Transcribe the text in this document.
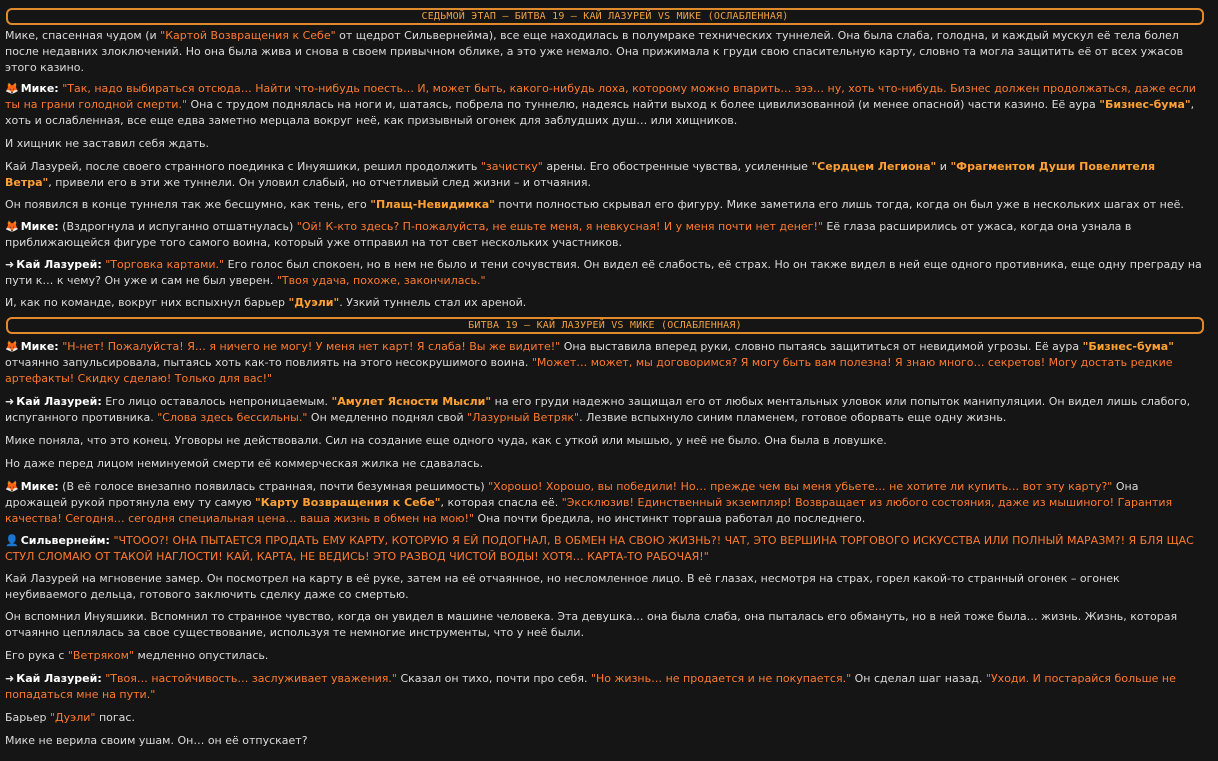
СЕДЬМОЙ ЭТАП – БИТВА 19 – КАЙ ЛАЗУРЕЙ VS МИКЕ (ОСЛАБЛЕННАЯ)

Мике, спасенная чудом (и "Картой Возвращения к Себе" от щедрот Сильвернейма), все еще находилась в полумраке технических туннелей. Она была слаба, голодна, и каждый мускул её тела болел после недавних злоключений. Но она была жива и снова в своем привычном облике, а это уже немало. Она прижимала к груди свою спасительную карту, словно та могла защитить её от всех ужасов этого казино.

🦊 Мике: "Так, надо выбираться отсюда… Найти что-нибудь поесть… И, может быть, какого-нибудь лоха, которому можно впарить… эээ… ну, хоть что-нибудь. Бизнес должен продолжаться, даже если ты на грани голодной смерти." Она с трудом поднялась на ноги и, шатаясь, побрела по туннелю, надеясь найти выход к более цивилизованной (и менее опасной) части казино. Её аура "Бизнес-бума", хоть и ослабленная, все еще едва заметно мерцала вокруг неё, как призывный огонек для заблудших душ… или хищников.

И хищник не заставил себя ждать.

Кай Лазурей, после своего странного поединка с Инуяшики, решил продолжить "зачистку" арены. Его обостренные чувства, усиленные "Сердцем Легиона" и "Фрагментом Души Повелителя Ветра", привели его в эти же туннели. Он уловил слабый, но отчетливый след жизни – и отчаяния.

Он появился в конце туннеля так же бесшумно, как тень, его "Плащ-Невидимка" почти полностью скрывал его фигуру. Мике заметила его лишь тогда, когда он был уже в нескольких шагах от неё.

🦊 Мике: (Вздрогнула и испуганно отшатнулась) "Ой! К-кто здесь? П-пожалуйста, не ешьте меня, я невкусная! И у меня почти нет денег!" Её глаза расширились от ужаса, когда она узнала в приближающейся фигуре того самого воина, который уже отправил на тот свет нескольких участников.

➜ Кай Лазурей: "Торговка картами." Его голос был спокоен, но в нем не было и тени сочувствия. Он видел её слабость, её страх. Но он также видел в ней еще одного противника, еще одну преграду на пути к… к чему? Он уже и сам не был уверен. "Твоя удача, похоже, закончилась."

И, как по команде, вокруг них вспыхнул барьер "Дуэли". Узкий туннель стал их ареной.

БИТВА 19 – КАЙ ЛАЗУРЕЙ VS МИКЕ (ОСЛАБЛЕННАЯ)

🦊 Мике: "Н-нет! Пожалуйста! Я… я ничего не могу! У меня нет карт! Я слаба! Вы же видите!" Она выставила вперед руки, словно пытаясь защититься от невидимой угрозы. Её аура "Бизнес-бума" отчаянно запульсировала, пытаясь хоть как-то повлиять на этого несокрушимого воина. "Может… может, мы договоримся? Я могу быть вам полезна! Я знаю много… секретов! Могу достать редкие артефакты! Скидку сделаю! Только для вас!"

➜ Кай Лазурей: Его лицо оставалось непроницаемым. "Амулет Ясности Мысли" на его груди надежно защищал его от любых ментальных уловок или попыток манипуляции. Он видел лишь слабого, испуганного противника. "Слова здесь бессильны." Он медленно поднял свой "Лазурный Ветряк". Лезвие вспыхнуло синим пламенем, готовое оборвать еще одну жизнь.

Мике поняла, что это конец. Уговоры не действовали. Сил на создание еще одного чуда, как с уткой или мышью, у неё не было. Она была в ловушке.

Но даже перед лицом неминуемой смерти её коммерческая жилка не сдавалась.

🦊 Мике: (В её голосе внезапно появилась странная, почти безумная решимость) "Хорошо! Хорошо, вы победили! Но… прежде чем вы меня убьете… не хотите ли купить… вот эту карту?" Она дрожащей рукой протянула ему ту самую "Карту Возвращения к Себе", которая спасла её. "Эксклюзив! Единственный экземпляр! Возвращает из любого состояния, даже из мышиного! Гарантия качества! Сегодня… сегодня специальная цена… ваша жизнь в обмен на мою!" Она почти бредила, но инстинкт торгаша работал до последнего.

👤 Сильвернейм: "ЧТООО?! ОНА ПЫТАЕТСЯ ПРОДАТЬ ЕМУ КАРТУ, КОТОРУЮ Я ЕЙ ПОДОГНАЛ, В ОБМЕН НА СВОЮ ЖИЗНЬ?! ЧАТ, ЭТО ВЕРШИНА ТОРГОВОГО ИСКУССТВА ИЛИ ПОЛНЫЙ МАРАЗМ?! Я БЛЯ ЩАС СТУЛ СЛОМАЮ ОТ ТАКОЙ НАГЛОСТИ! КАЙ, КАРТА, НЕ ВЕДИСЬ! ЭТО РАЗВОД ЧИСТОЙ ВОДЫ! ХОТЯ… КАРТА-ТО РАБОЧАЯ!"

Кай Лазурей на мгновение замер. Он посмотрел на карту в её руке, затем на её отчаянное, но несломленное лицо. В её глазах, несмотря на страх, горел какой-то странный огонек – огонек неубиваемого дельца, готового заключить сделку даже со смертью.

Он вспомнил Инуяшики. Вспомнил то странное чувство, когда он увидел в машине человека. Эта девушка… она была слаба, она пыталась его обмануть, но в ней тоже была… жизнь. Жизнь, которая отчаянно цеплялась за свое существование, используя те немногие инструменты, что у неё были.

Его рука с "Ветряком" медленно опустилась.

➜ Кай Лазурей: "Твоя… настойчивость… заслуживает уважения." Сказал он тихо, почти про себя. "Но жизнь… не продается и не покупается." Он сделал шаг назад. "Уходи. И постарайся больше не попадаться мне на пути."

Барьер "Дуэли" погас.

Мике не верила своим ушам. Он… он её отпускает?
